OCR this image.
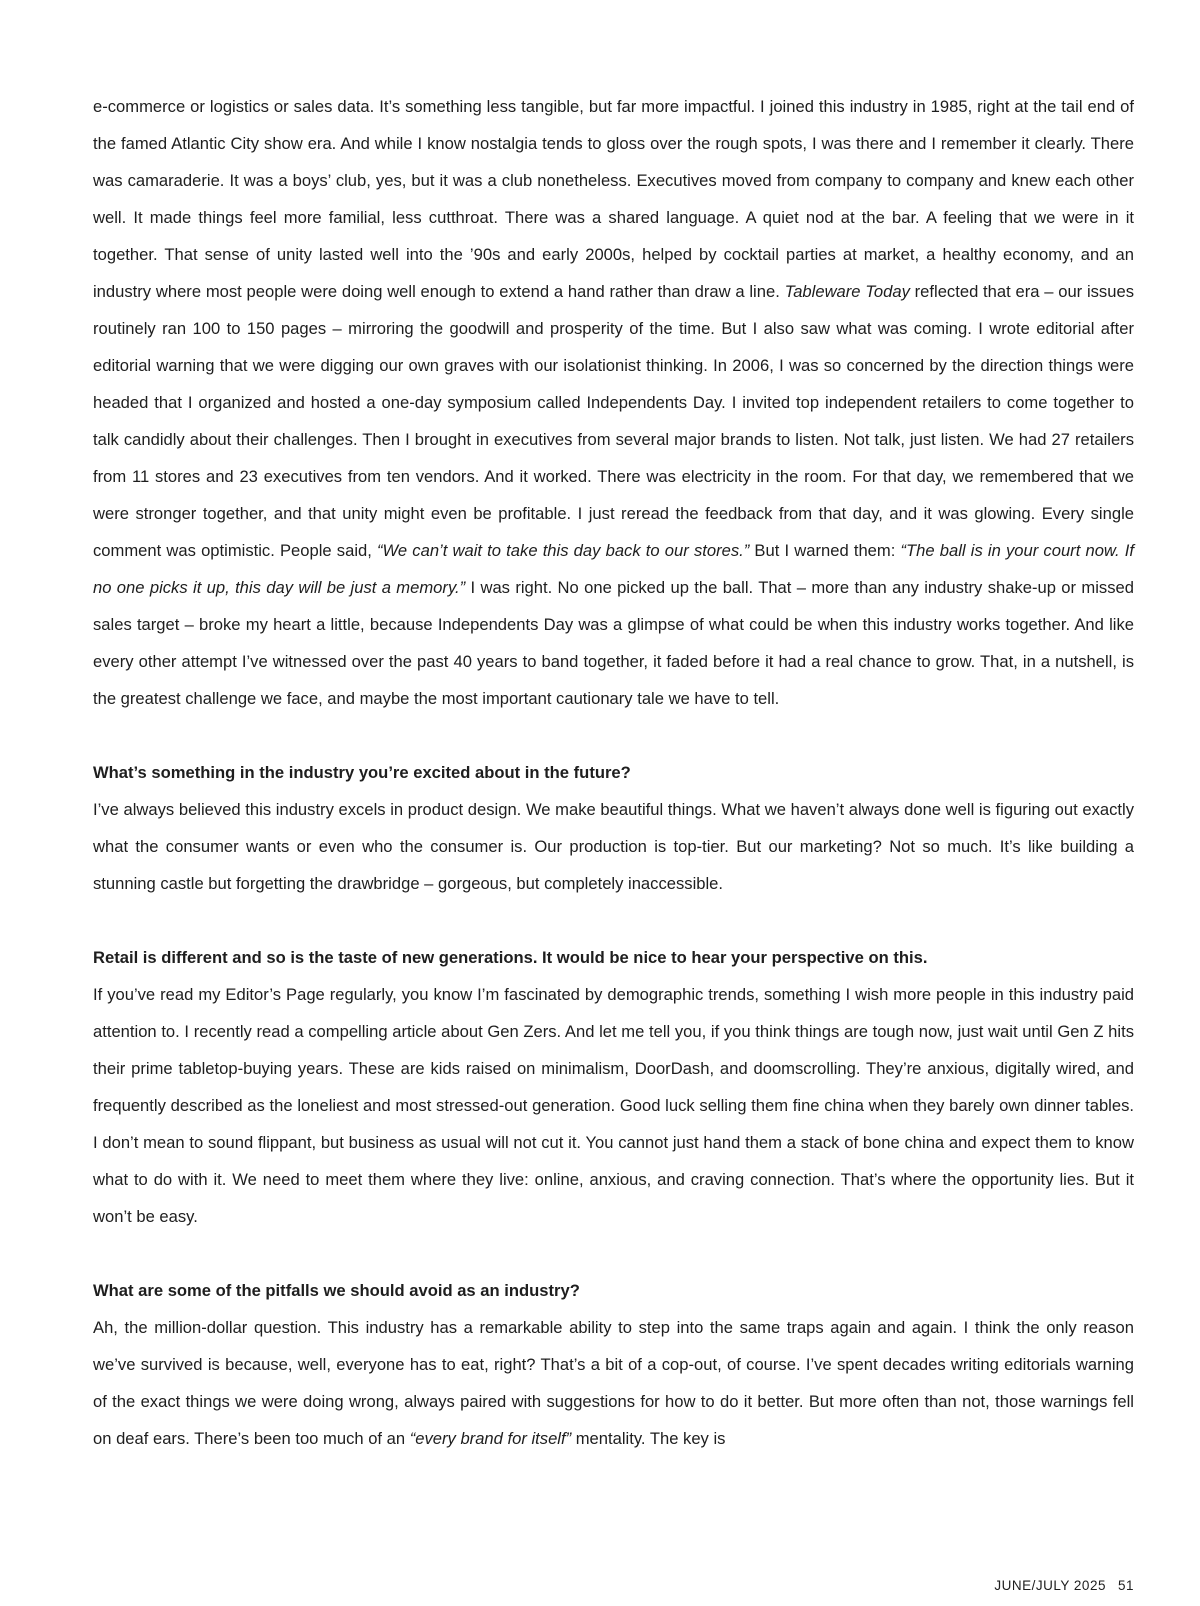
e-commerce or logistics or sales data. It’s something less tangible, but far more impactful. I joined this industry in 1985, right at the tail end of the famed Atlantic City show era. And while I know nostalgia tends to gloss over the rough spots, I was there and I remember it clearly. There was camaraderie. It was a boys’ club, yes, but it was a club nonetheless. Executives moved from company to company and knew each other well. It made things feel more familial, less cutthroat. There was a shared language. A quiet nod at the bar. A feeling that we were in it together. That sense of unity lasted well into the ’90s and early 2000s, helped by cocktail parties at market, a healthy economy, and an industry where most people were doing well enough to extend a hand rather than draw a line. Tableware Today reflected that era – our issues routinely ran 100 to 150 pages – mirroring the goodwill and prosperity of the time. But I also saw what was coming. I wrote editorial after editorial warning that we were digging our own graves with our isolationist thinking. In 2006, I was so concerned by the direction things were headed that I organized and hosted a one-day symposium called Independents Day. I invited top independent retailers to come together to talk candidly about their challenges. Then I brought in executives from several major brands to listen. Not talk, just listen. We had 27 retailers from 11 stores and 23 executives from ten vendors. And it worked. There was electricity in the room. For that day, we remembered that we were stronger together, and that unity might even be profitable. I just reread the feedback from that day, and it was glowing. Every single comment was optimistic. People said, “We can’t wait to take this day back to our stores.” But I warned them: “The ball is in your court now. If no one picks it up, this day will be just a memory.” I was right. No one picked up the ball. That – more than any industry shake-up or missed sales target – broke my heart a little, because Independents Day was a glimpse of what could be when this industry works together. And like every other attempt I’ve witnessed over the past 40 years to band together, it faded before it had a real chance to grow. That, in a nutshell, is the greatest challenge we face, and maybe the most important cautionary tale we have to tell.

What’s something in the industry you’re excited about in the future?

I’ve always believed this industry excels in product design. We make beautiful things. What we haven’t always done well is figuring out exactly what the consumer wants or even who the consumer is. Our production is top-tier. But our marketing? Not so much. It’s like building a stunning castle but forgetting the drawbridge – gorgeous, but completely inaccessible.

Retail is different and so is the taste of new generations. It would be nice to hear your perspective on this.

If you’ve read my Editor’s Page regularly, you know I’m fascinated by demographic trends, something I wish more people in this industry paid attention to. I recently read a compelling article about Gen Zers. And let me tell you, if you think things are tough now, just wait until Gen Z hits their prime tabletop-buying years. These are kids raised on minimalism, DoorDash, and doomscrolling. They’re anxious, digitally wired, and frequently described as the loneliest and most stressed-out generation. Good luck selling them fine china when they barely own dinner tables. I don’t mean to sound flippant, but business as usual will not cut it. You cannot just hand them a stack of bone china and expect them to know what to do with it. We need to meet them where they live: online, anxious, and craving connection. That’s where the opportunity lies. But it won’t be easy.

What are some of the pitfalls we should avoid as an industry?

Ah, the million-dollar question. This industry has a remarkable ability to step into the same traps again and again. I think the only reason we’ve survived is because, well, everyone has to eat, right? That’s a bit of a cop-out, of course. I’ve spent decades writing editorials warning of the exact things we were doing wrong, always paired with suggestions for how to do it better. But more often than not, those warnings fell on deaf ears. There’s been too much of an “every brand for itself” mentality. The key is

JUNE/JULY 2025 51
